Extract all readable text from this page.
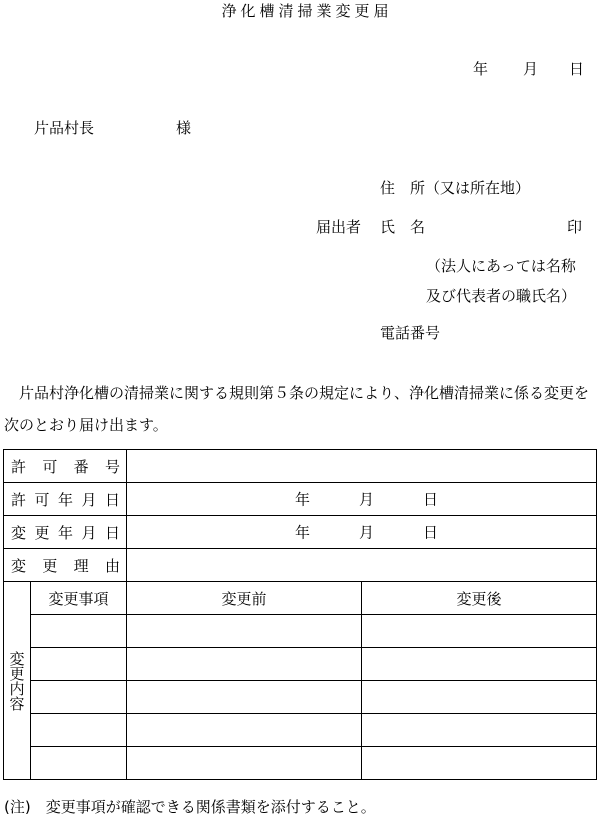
浄化槽清掃業変更届
年 月 日
片品村長	様
住　所（又は所在地）
届出者 氏　名	印
（法人にあっては名称
及び代表者の職氏名）
電話番号
片品村浄化槽の清掃業に関する規則第５条の規定により、浄化槽清掃業に係る変更を
次のとおり届け出ます。
許 可 番 号			

許 可 年 月 日		年 月 日	

変 更 年 月 日		年 月 日	

変 更 理 由			

変更内容	変更事項	変更前	変更後

(注)　変更事項が確認できる関係書類を添付すること。
